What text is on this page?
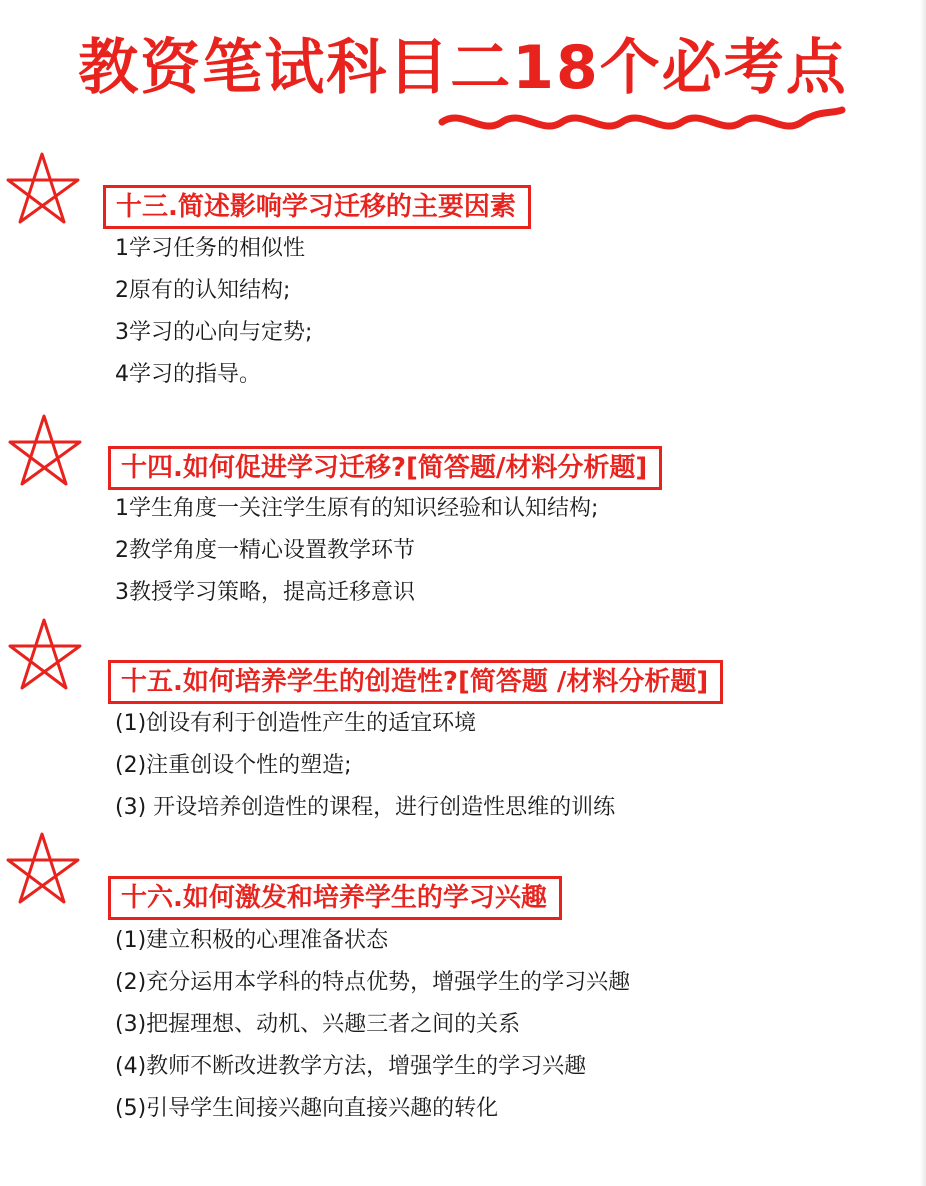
教资笔试科目二18个必考点
十三.简述影响学习迁移的主要因素
1学习任务的相似性
2原有的认知结构;
3学习的心向与定势;
4学习的指导。
十四.如何促进学习迁移?[简答题/材料分析题]
1学生角度一关注学生原有的知识经验和认知结构;
2教学角度一精心设置教学环节
3教授学习策略，提高迁移意识
十五.如何培养学生的创造性?[简答题 /材料分析题]
(1)创设有利于创造性产生的适宜环境
(2)注重创设个性的塑造;
(3) 开设培养创造性的课程，进行创造性思维的训练
十六.如何激发和培养学生的学习兴趣
(1)建立积极的心理准备状态
(2)充分运用本学科的特点优势，增强学生的学习兴趣
(3)把握理想、动机、兴趣三者之间的关系
(4)教师不断改进教学方法，增强学生的学习兴趣
(5)引导学生间接兴趣向直接兴趣的转化
